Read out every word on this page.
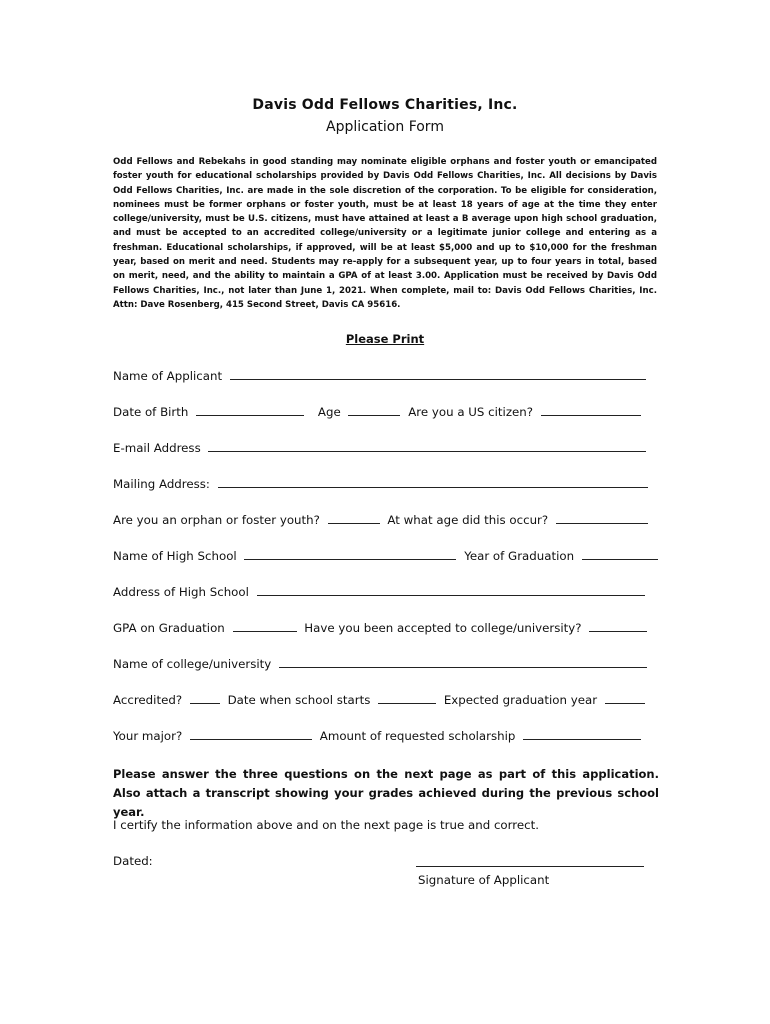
Davis Odd Fellows Charities, Inc.
Application Form
Odd Fellows and Rebekahs in good standing may nominate eligible orphans and foster youth or emancipated foster youth for educational scholarships provided by Davis Odd Fellows Charities, Inc. All decisions by Davis Odd Fellows Charities, Inc. are made in the sole discretion of the corporation. To be eligible for consideration, nominees must be former orphans or foster youth, must be at least 18 years of age at the time they enter college/university, must be U.S. citizens, must have attained at least a B average upon high school graduation, and must be accepted to an accredited college/university or a legitimate junior college and entering as a freshman. Educational scholarships, if approved, will be at least $5,000 and up to $10,000 for the freshman year, based on merit and need. Students may re-apply for a subsequent year, up to four years in total, based on merit, need, and the ability to maintain a GPA of at least 3.00. Application must be received by Davis Odd Fellows Charities, Inc., not later than June 1, 2021. When complete, mail to: Davis Odd Fellows Charities, Inc. Attn: Dave Rosenberg, 415 Second Street, Davis CA 95616.
Please Print
Name of Applicant
Date of Birth	Age	Are you a US citizen?
E-mail Address
Mailing Address:
Are you an orphan or foster youth?	At what age did this occur?
Name of High School	Year of Graduation
Address of High School
GPA on Graduation	Have you been accepted to college/university?
Name of college/university
Accredited?	Date when school starts	Expected graduation year
Your major?	Amount of requested scholarship
Please answer the three questions on the next page as part of this application. Also attach a transcript showing your grades achieved during the previous school year.
I certify the information above and on the next page is true and correct.
Dated:
Signature of Applicant
